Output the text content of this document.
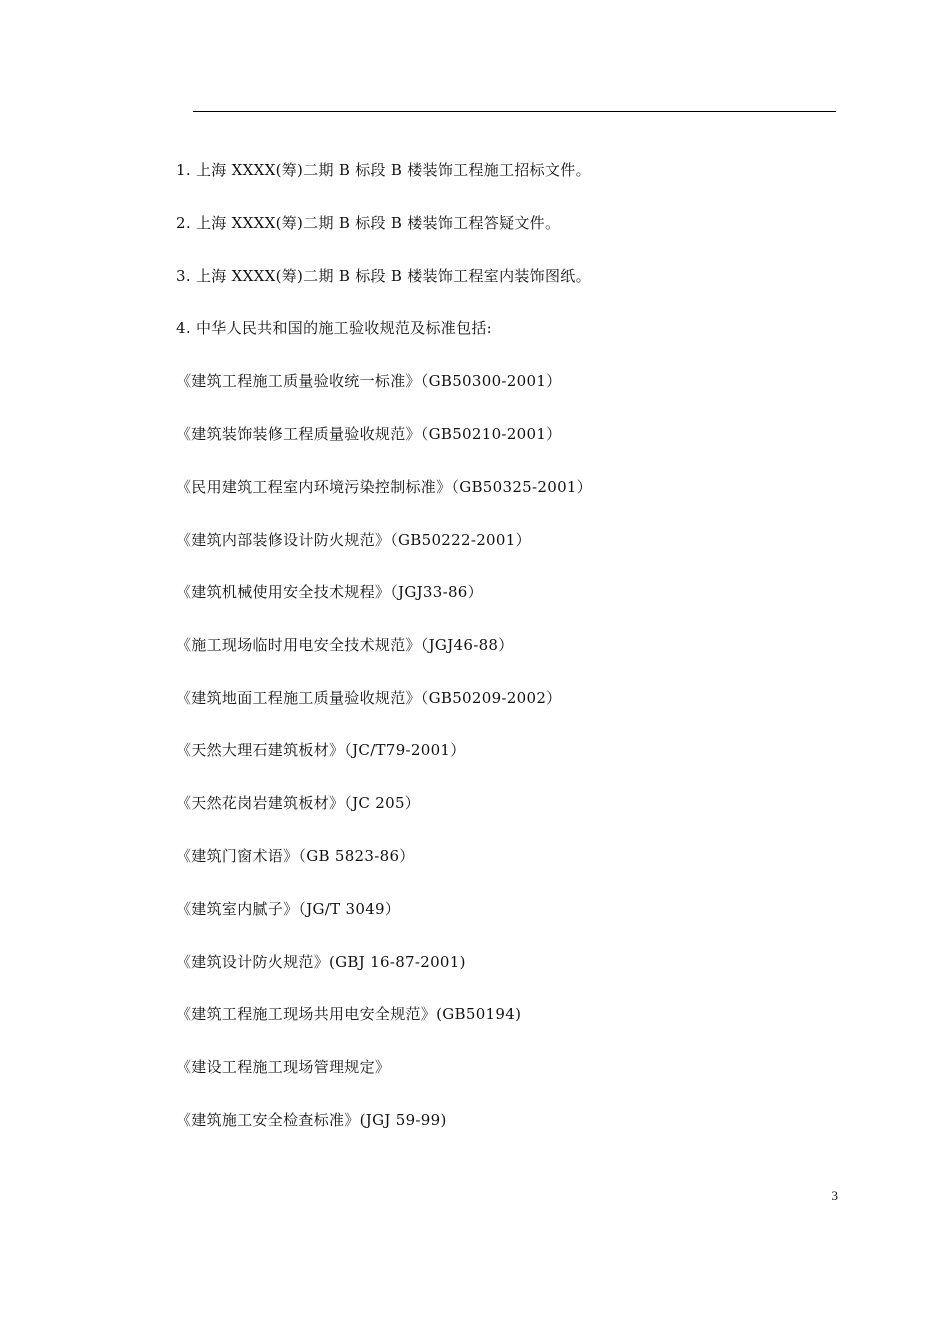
1. 上海 XXXX(筹)二期 B 标段 B 楼装饰工程施工招标文件。
2. 上海 XXXX(筹)二期 B 标段 B 楼装饰工程答疑文件。
3. 上海 XXXX(筹)二期 B 标段 B 楼装饰工程室内装饰图纸。
4. 中华人民共和国的施工验收规范及标准包括:
《建筑工程施工质量验收统一标准》（GB50300-2001）
《建筑装饰装修工程质量验收规范》（GB50210-2001）
《民用建筑工程室内环境污染控制标准》（GB50325-2001）
《建筑内部装修设计防火规范》（GB50222-2001）
《建筑机械使用安全技术规程》（JGJ33-86）
《施工现场临时用电安全技术规范》（JGJ46-88）
《建筑地面工程施工质量验收规范》（GB50209-2002）
《天然大理石建筑板材》（JC/T79-2001）
《天然花岗岩建筑板材》（JC 205）
《建筑门窗术语》（GB 5823-86）
《建筑室内腻子》（JG/T 3049）
《建筑设计防火规范》(GBJ 16-87-2001)
《建筑工程施工现场共用电安全规范》(GB50194)
《建设工程施工现场管理规定》
《建筑施工安全检查标准》(JGJ 59-99)
3
